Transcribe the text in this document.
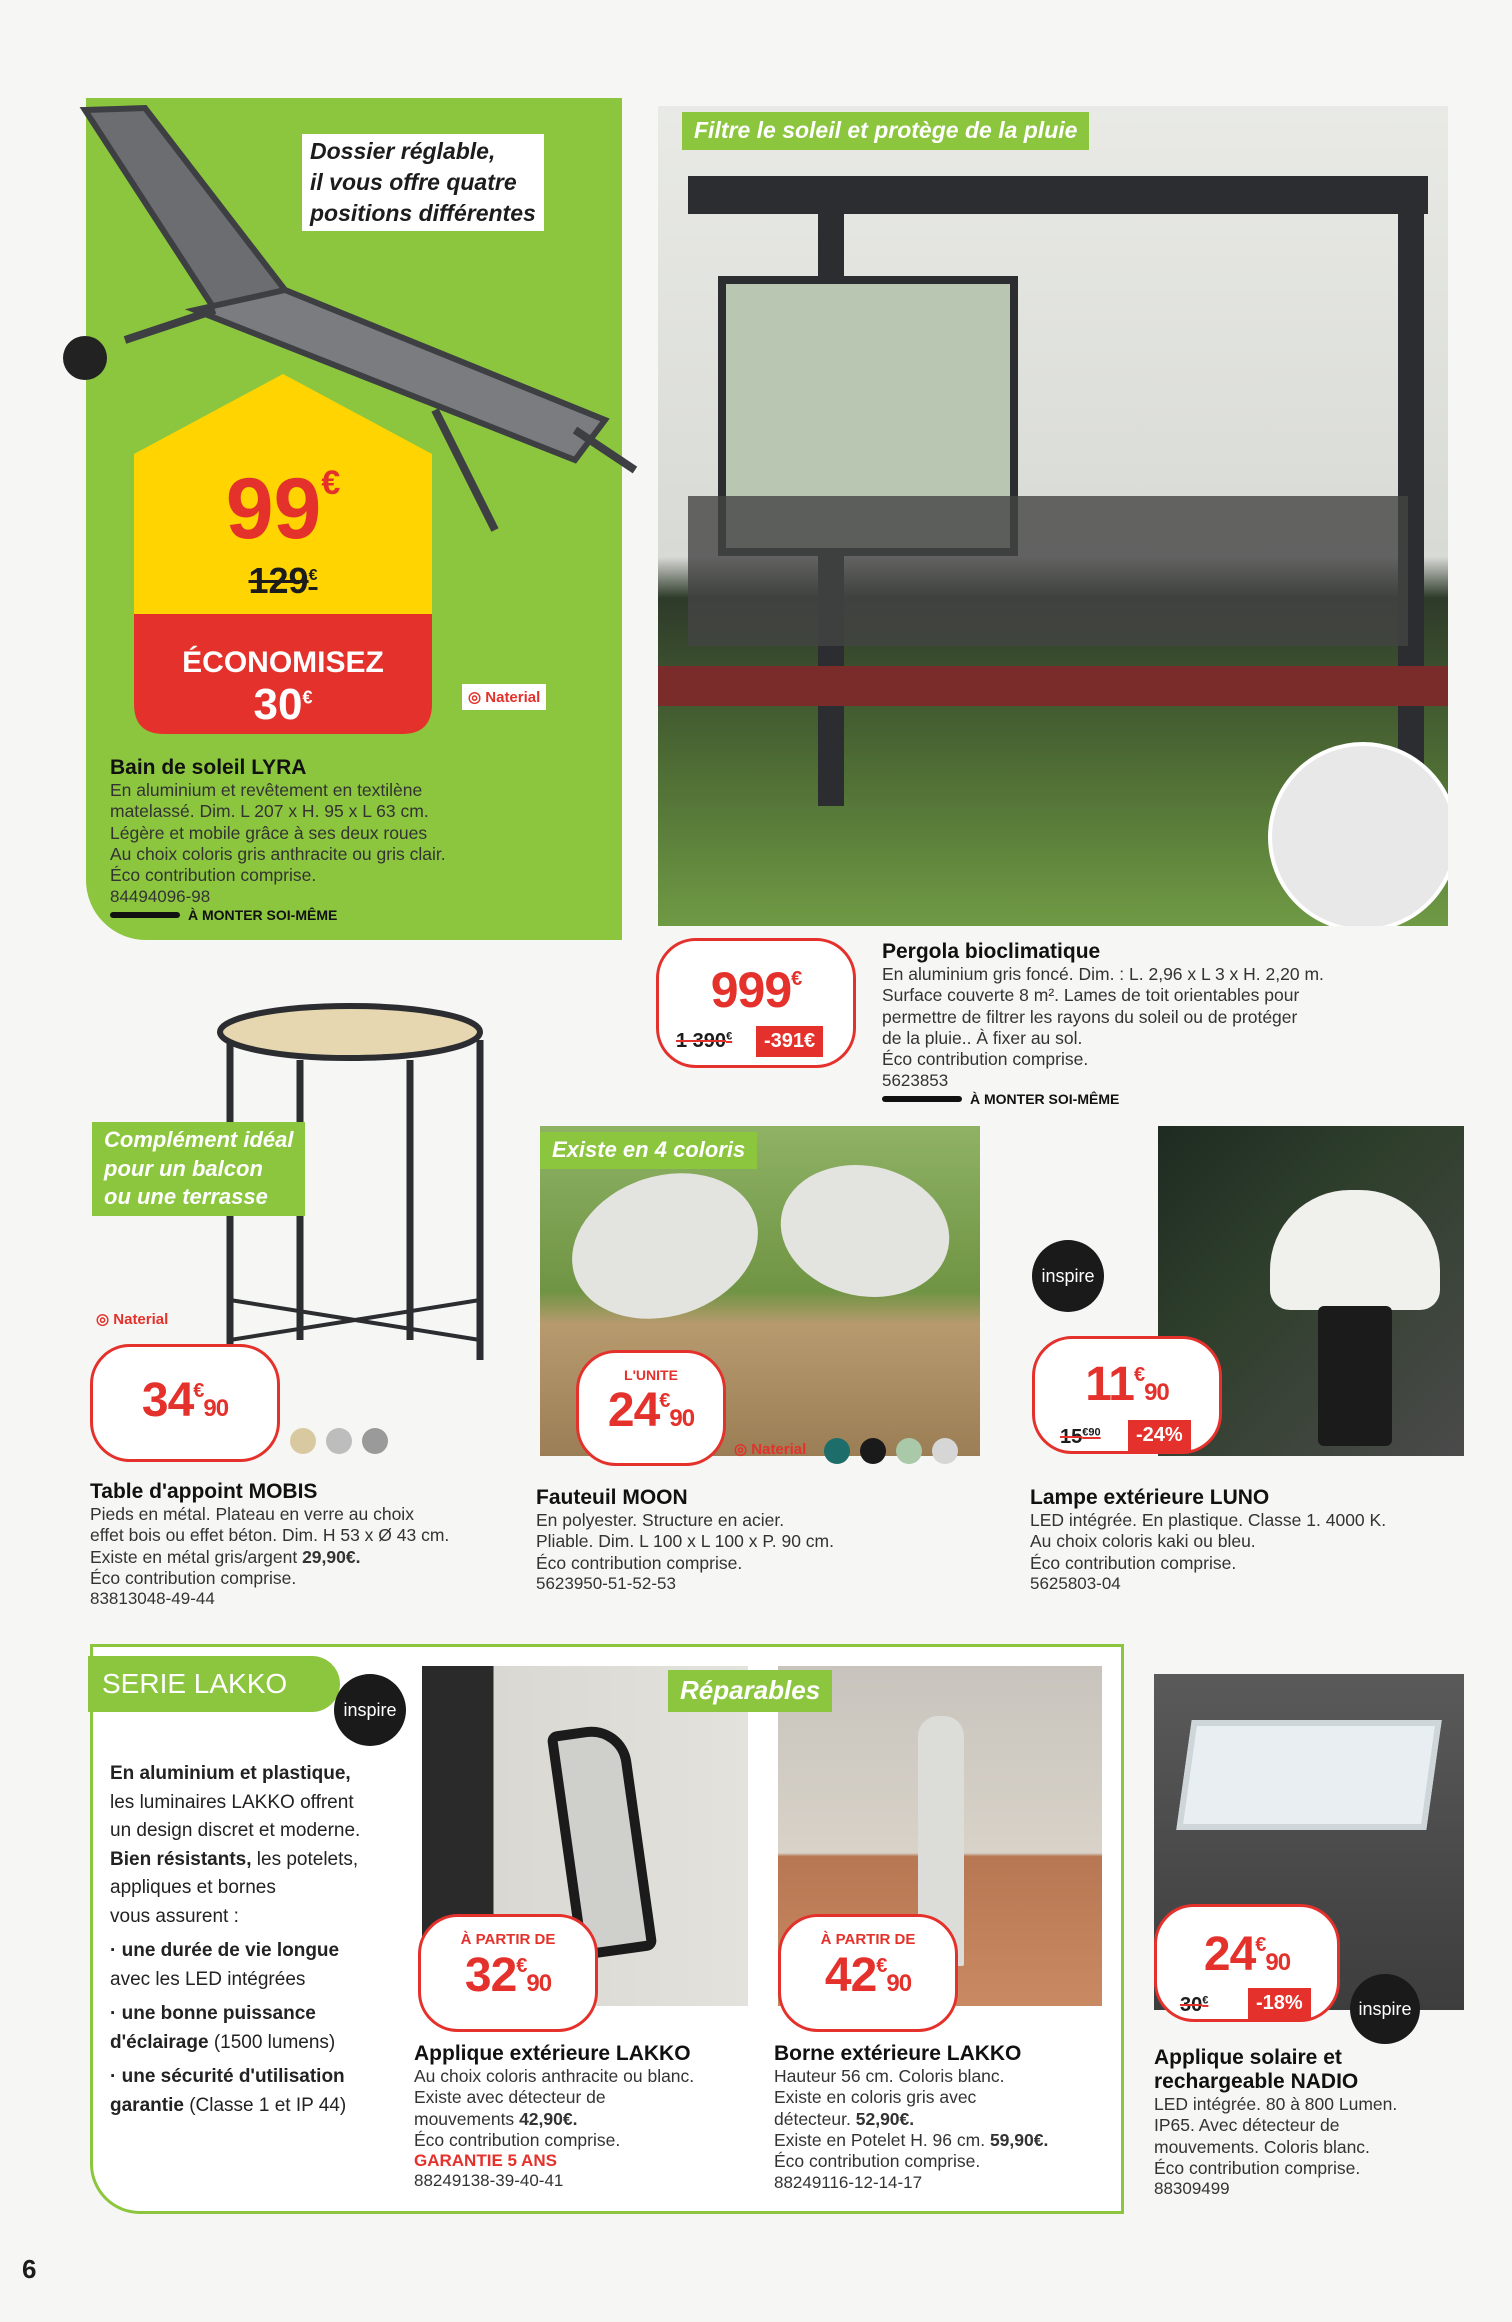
Dossier réglable,
il vous offre quatre
positions différentes
99€
129€
ÉCONOMISEZ
30€	◎ Naterial
Bain de soleil LYRA
En aluminium et revêtement en textilène
matelassé. Dim. L 207 x H. 95 x L 63 cm.
Légère et mobile grâce à ses deux roues
Au choix coloris gris anthracite ou gris clair.
Éco contribution comprise.
84494096-98
À MONTER SOI-MÊME
Filtre le soleil et protège de la pluie
999€
1 390€	-391€
Pergola bioclimatique
En aluminium gris foncé. Dim. : L. 2,96 x L 3 x H. 2,20 m.
Surface couverte 8 m². Lames de toit orientables pour
permettre de filtrer les rayons du soleil ou de protéger
de la pluie.. À fixer au sol.
Éco contribution comprise.
5623853
À MONTER SOI-MÊME
Complément idéal
pour un balcon
ou une terrasse
◎ Naterial
34€90
Table d'appoint MOBIS
Pieds en métal. Plateau en verre au choix
effet bois ou effet béton. Dim. H 53 x Ø 43 cm.
Existe en métal gris/argent 29,90€.
Éco contribution comprise.
83813048-49-44
Existe en 4 coloris
L'UNITE
24€90
◎ Naterial
Fauteuil MOON
En polyester. Structure en acier.
Pliable. Dim. L 100 x L 100 x P. 90 cm.
Éco contribution comprise.
5623950-51-52-53
inspire
11€90
$15^{€90}$	-24%
Lampe extérieure LUNO
LED intégrée. En plastique. Classe 1. 4000 K.
Au choix coloris kaki ou bleu.
Éco contribution comprise.
5625803-04
SERIE LAKKO
inspire
En aluminium et plastique,
les luminaires LAKKO offrent
un design discret et moderne.
Bien résistants, les potelets,
appliques et bornes
vous assurent :
· une durée de vie longue
avec les LED intégrées
· une bonne puissance
d'éclairage (1500 lumens)
· une sécurité d'utilisation
garantie (Classe 1 et IP 44)
Réparables
À PARTIR DE
32€90
À PARTIR DE
42€90
Applique extérieure LAKKO
Au choix coloris anthracite ou blanc.
Existe avec détecteur de
mouvements 42,90€.
Éco contribution comprise.
GARANTIE 5 ANS
88249138-39-40-41
Borne extérieure LAKKO
Hauteur 56 cm. Coloris blanc.
Existe en coloris gris avec
détecteur. 52,90€.
Existe en Potelet H. 96 cm. 59,90€.
Éco contribution comprise.
88249116-12-14-17
24€90
30€	-18%	inspire
Applique solaire et
rechargeable NADIO
LED intégrée. 80 à 800 Lumen.
IP65. Avec détecteur de
mouvements. Coloris blanc.
Éco contribution comprise.
88309499
6
